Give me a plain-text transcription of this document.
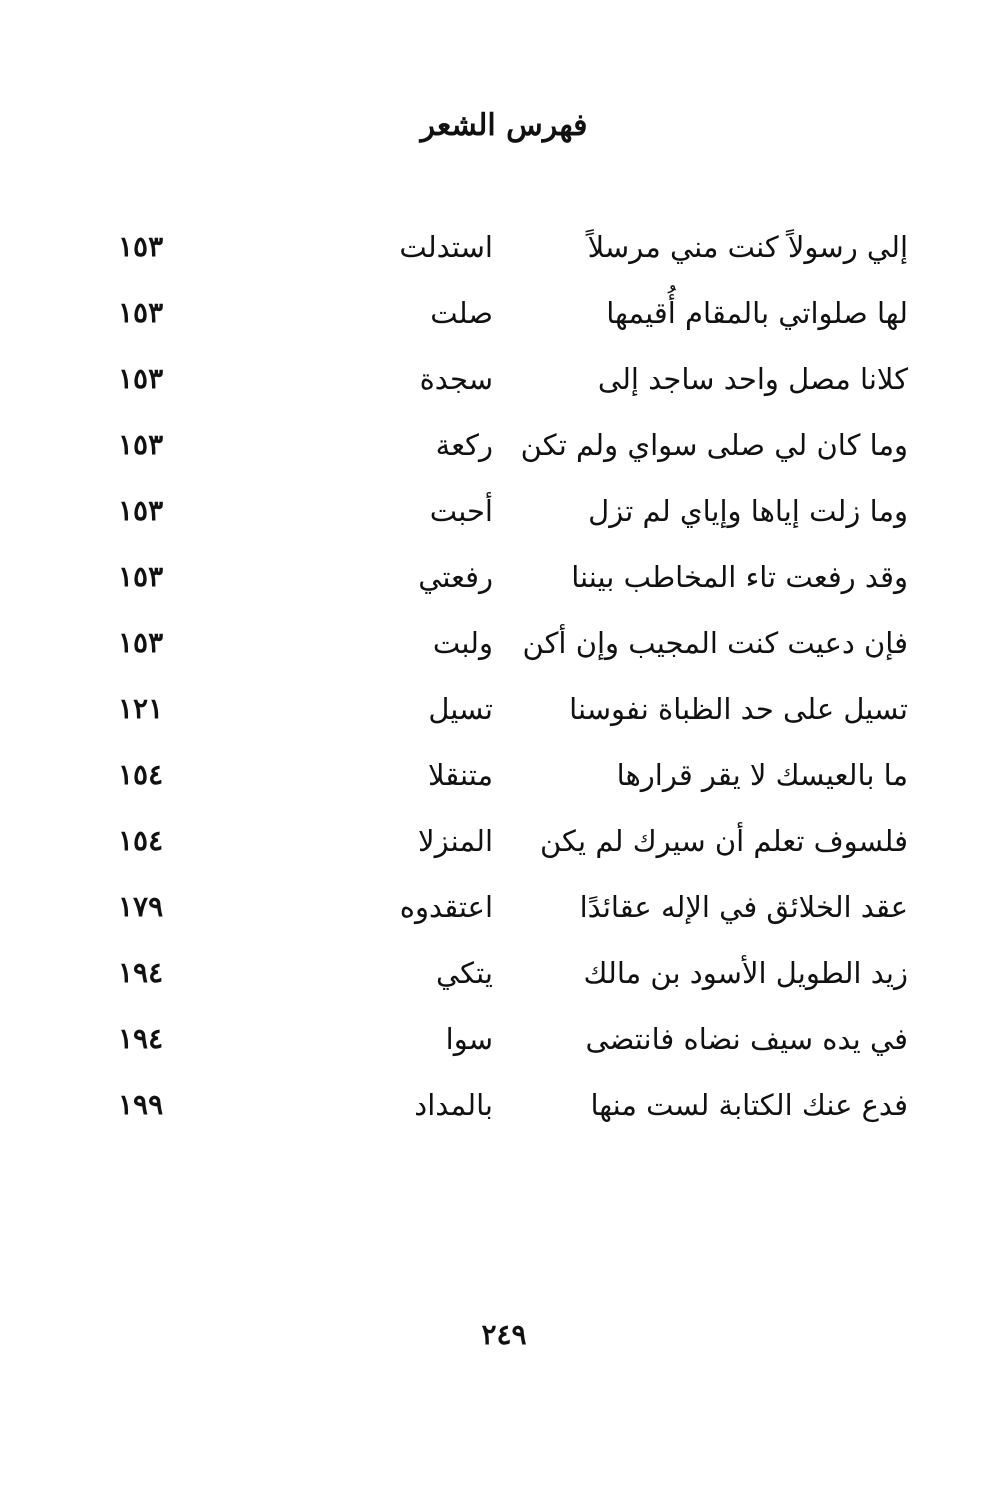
فهرس الشعر
إلي رسولاً كنت مني مرسلاً
استدلت
١٥٣
لها صلواتي بالمقام أُقيمها
صلت
١٥٣
كلانا مصل واحد ساجد إلى
سجدة
١٥٣
وما كان لي صلى سواي ولم تكن
ركعة
١٥٣
وما زلت إياها وإياي لم تزل
أحبت
١٥٣
وقد رفعت تاء المخاطب بيننا
رفعتي
١٥٣
فإن دعيت كنت المجيب وإن أكن
ولبت
١٥٣
تسيل على حد الظباة نفوسنا
تسيل
١٢١
ما بالعيسك لا يقر قرارها
متنقلا
١٥٤
فلسوف تعلم أن سيرك لم يكن
المنزلا
١٥٤
عقد الخلائق في الإله عقائدًا
اعتقدوه
١٧٩
زيد الطويل الأسود بن مالك
يتكي
١٩٤
في يده سيف نضاه فانتضى
سوا
١٩٤
فدع عنك الكتابة لست منها
بالمداد
١٩٩
٢٤٩
